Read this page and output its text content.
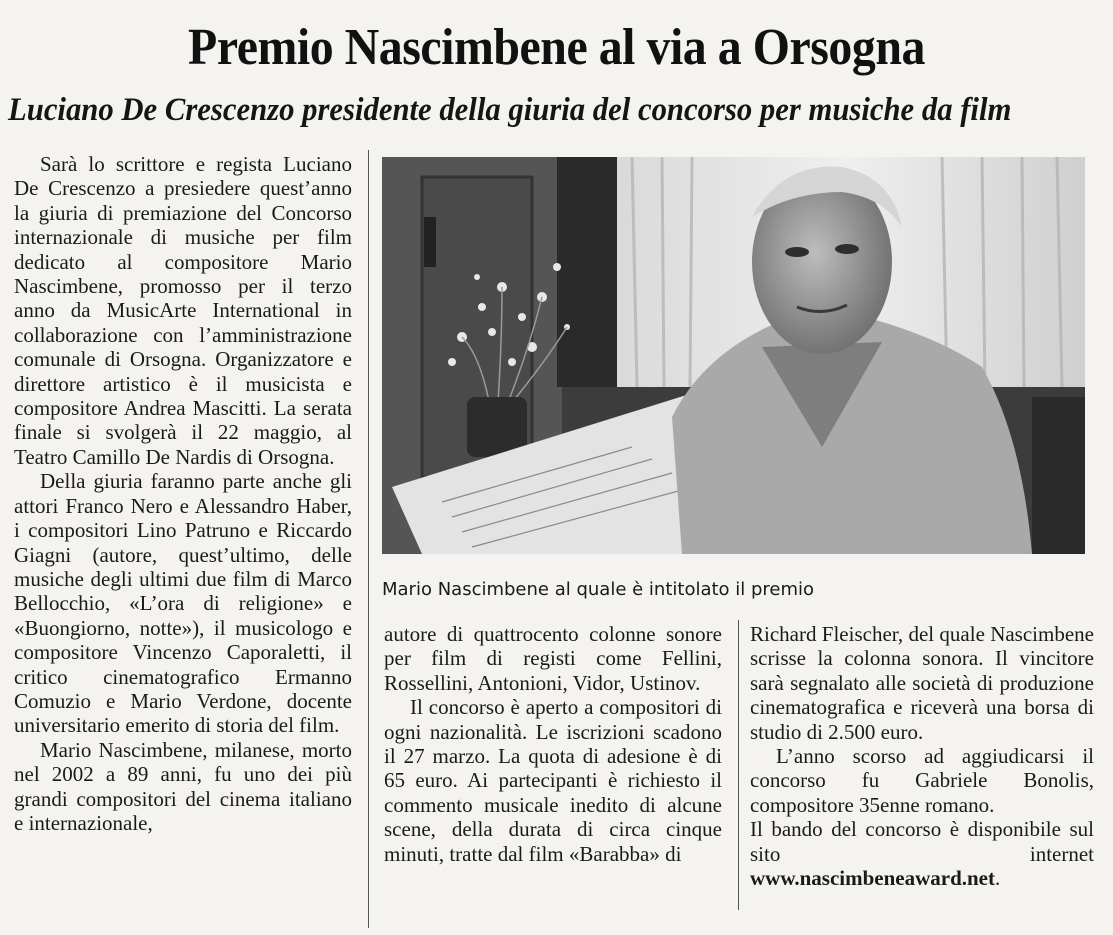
Premio Nascimbene al via a Orsogna
Luciano De Crescenzo presidente della giuria del concorso per musiche da film

Sarà lo scrittore e regista Luciano De Crescenzo a presiedere quest’anno la giuria di premiazione del Concorso internazionale di musiche per film dedicato al compositore Mario Nascimbene, promosso per il terzo anno da MusicArte International in collaborazione con l’amministrazione comunale di Orsogna. Organizzatore e direttore artistico è il musicista e compositore Andrea Mascitti. La serata finale si svolgerà il 22 maggio, al Teatro Camillo De Nardis di Orsogna.

Della giuria faranno parte anche gli attori Franco Nero e Alessandro Haber, i compositori Lino Patruno e Riccardo Giagni (autore, quest’ultimo, delle musiche degli ultimi due film di Marco Bellocchio, «L’ora di religione» e «Buongiorno, notte»), il musicologo e compositore Vincenzo Caporaletti, il critico cinematografico Ermanno Comuzio e Mario Verdone, docente universitario emerito di storia del film.

Mario Nascimbene, milanese, morto nel 2002 a 89 anni, fu uno dei più grandi compositori del cinema italiano e internazionale,

Mario Nascimbene al quale è intitolato il premio

autore di quattrocento colonne sonore per film di registi come Fellini, Rossellini, Antonioni, Vidor, Ustinov.

Il concorso è aperto a compositori di ogni nazionalità. Le iscrizioni scadono il 27 marzo. La quota di adesione è di 65 euro. Ai partecipanti è richiesto il commento musicale inedito di alcune scene, della durata di circa cinque minuti, tratte dal film «Barabba» di

Richard Fleischer, del quale Nascimbene scrisse la colonna sonora. Il vincitore sarà segnalato alle società di produzione cinematografica e riceverà una borsa di studio di 2.500 euro.

L’anno scorso ad aggiudicarsi il concorso fu Gabriele Bonolis, compositore 35enne romano.

Il bando del concorso è disponibile sul sito internet www.nascimbeneaward.net.
